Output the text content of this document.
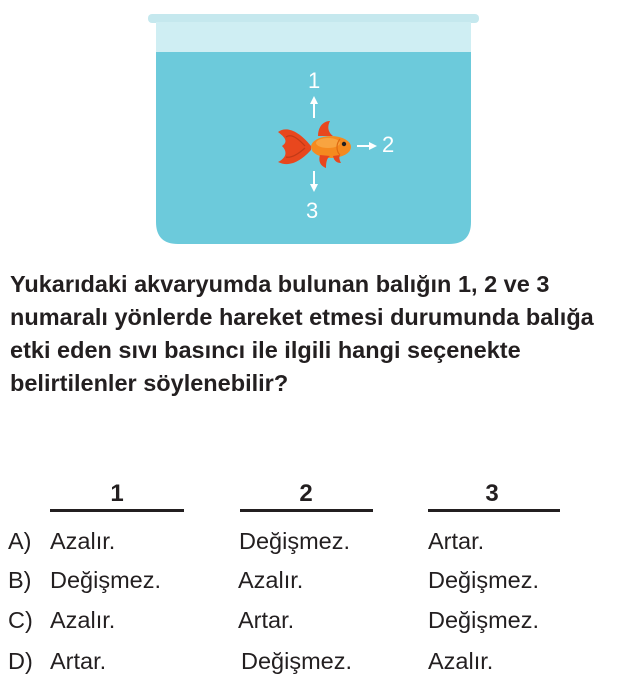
1
2
3

Yukarıdaki akvaryumda bulunan balığın 1, 2 ve 3 numaralı yönlerde hareket etmesi durumunda balığa etki eden sıvı basıncı ile ilgili hangi seçenekte belirtilenler söylenebilir?

1	2	3
A) Azalır.	Değişmez.	Artar.
B) Değişmez.	Azalır.	Değişmez.
C) Azalır.	Artar.	Değişmez.
D) Artar.	Değişmez.	Azalır.
